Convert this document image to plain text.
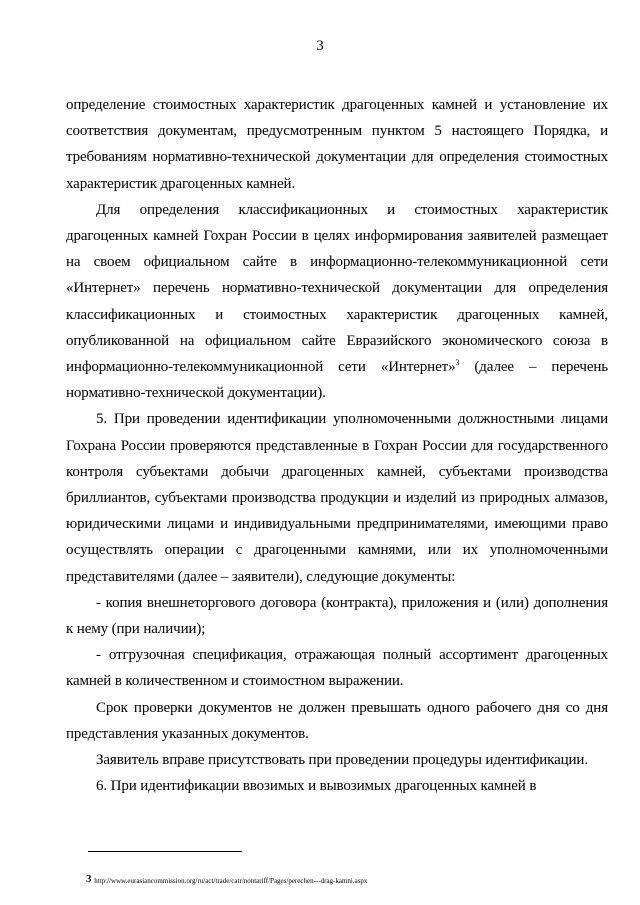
3

определение стоимостных характеристик драгоценных камней и установление их соответствия документам, предусмотренным пунктом 5 настоящего Порядка, и требованиям нормативно-технической документации для определения стоимостных характеристик драгоценных камней.

Для определения классификационных и стоимостных характеристик драгоценных камней Гохран России в целях информирования заявителей размещает на своем официальном сайте в информационно-телекоммуникационной сети «Интернет» перечень нормативно-технической документации для определения классификационных и стоимостных характеристик драгоценных камней, опубликованной на официальном сайте Евразийского экономического союза в информационно-телекоммуникационной сети «Интернет»$^3$ (далее – перечень нормативно-технической документации).

5. При проведении идентификации уполномоченными должностными лицами Гохрана России проверяются представленные в Гохран России для государственного контроля субъектами добычи драгоценных камней, субъектами производства бриллиантов, субъектами производства продукции и изделий из природных алмазов, юридическими лицами и индивидуальными предпринимателями, имеющими право осуществлять операции с драгоценными камнями, или их уполномоченными представителями (далее – заявители), следующие документы:

- копия внешнеторгового договора (контракта), приложения и (или) дополнения к нему (при наличии);

- отгрузочная спецификация, отражающая полный ассортимент драгоценных камней в количественном и стоимостном выражении.

Срок проверки документов не должен превышать одного рабочего дня со дня представления указанных документов.

Заявитель вправе присутствовать при проведении процедуры идентификации.

6. При идентификации ввозимых и вывозимых драгоценных камней в

3 http://www.eurasiancommission.org/ru/act/trade/catr/nontariff/Pages/perechen---drag-kamni.aspx
